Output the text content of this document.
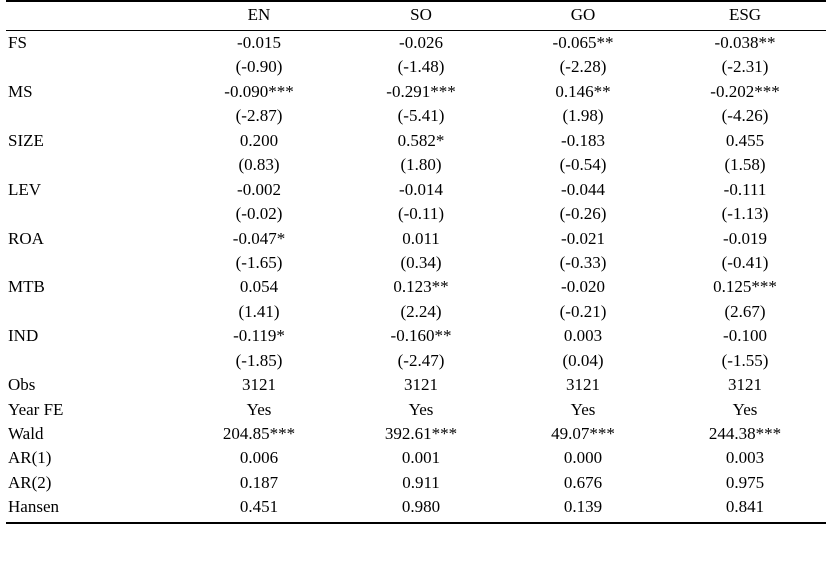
	EN	SO	GO	ESG
FS	-0.015	-0.026	-0.065**	-0.038**
	(-0.90)	(-1.48)	(-2.28)	(-2.31)
MS	-0.090***	-0.291***	0.146**	-0.202***
	(-2.87)	(-5.41)	(1.98)	(-4.26)
SIZE	0.200	0.582*	-0.183	0.455
	(0.83)	(1.80)	(-0.54)	(1.58)
LEV	-0.002	-0.014	-0.044	-0.111
	(-0.02)	(-0.11)	(-0.26)	(-1.13)
ROA	-0.047*	0.011	-0.021	-0.019
	(-1.65)	(0.34)	(-0.33)	(-0.41)
MTB	0.054	0.123**	-0.020	0.125***
	(1.41)	(2.24)	(-0.21)	(2.67)
IND	-0.119*	-0.160**	0.003	-0.100
	(-1.85)	(-2.47)	(0.04)	(-1.55)
Obs	3121	3121	3121	3121
Year FE	Yes	Yes	Yes	Yes
Wald	204.85***	392.61***	49.07***	244.38***
AR(1)	0.006	0.001	0.000	0.003
AR(2)	0.187	0.911	0.676	0.975
Hansen	0.451	0.980	0.139	0.841
